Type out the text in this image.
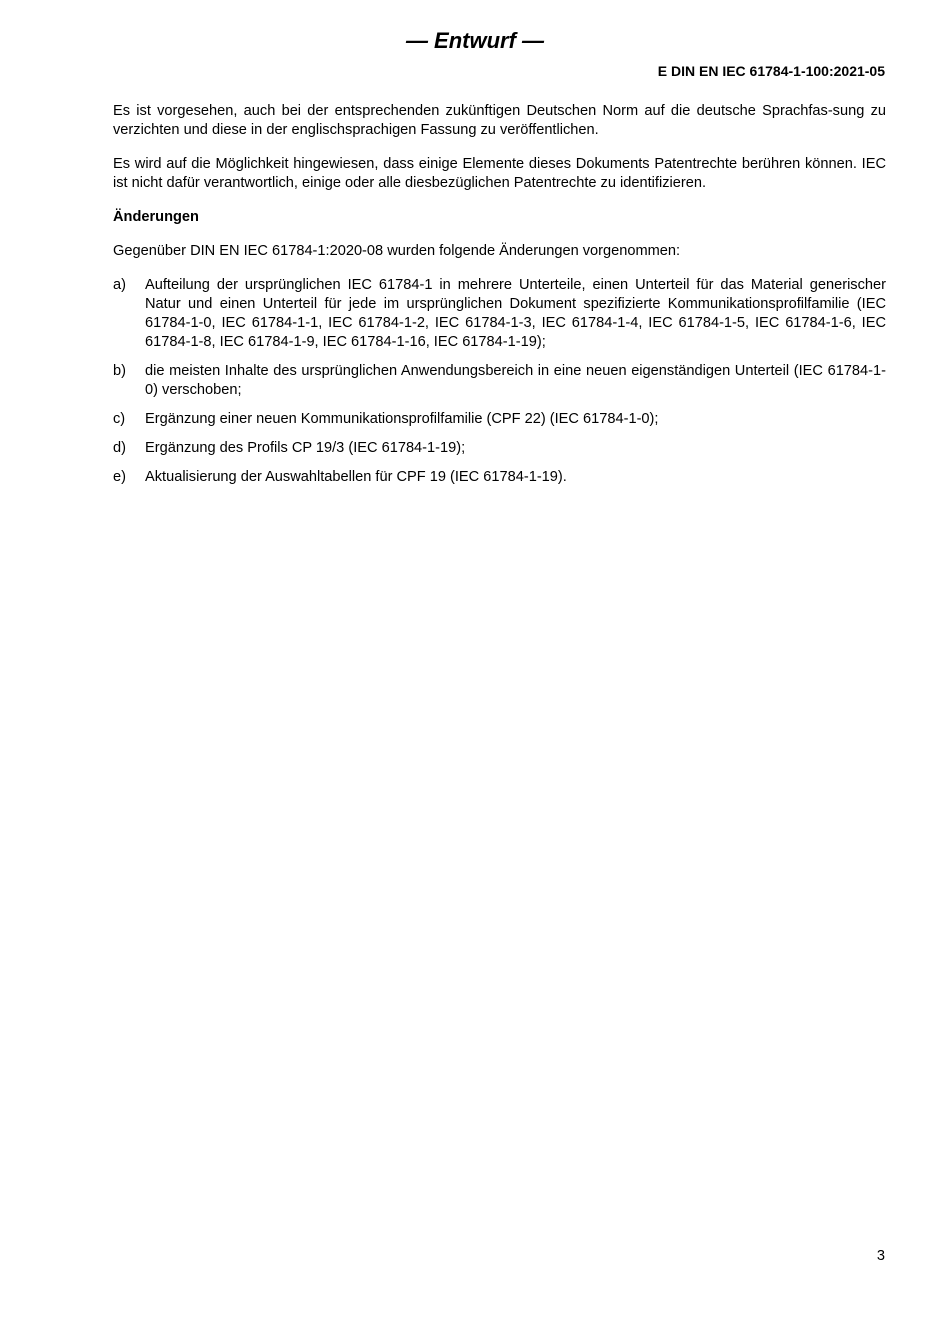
— Entwurf —
E DIN EN IEC 61784-1-100:2021-05

Es ist vorgesehen, auch bei der entsprechenden zukünftigen Deutschen Norm auf die deutsche Sprachfas-sung zu verzichten und diese in der englischsprachigen Fassung zu veröffentlichen.

Es wird auf die Möglichkeit hingewiesen, dass einige Elemente dieses Dokuments Patentrechte berühren können. IEC ist nicht dafür verantwortlich, einige oder alle diesbezüglichen Patentrechte zu identifizieren.

Änderungen

Gegenüber DIN EN IEC 61784-1:2020-08 wurden folgende Änderungen vorgenommen:

a)	Aufteilung der ursprünglichen IEC 61784-1 in mehrere Unterteile, einen Unterteil für das Material generischer Natur und einen Unterteil für jede im ursprünglichen Dokument spezifizierte Kommunikationsprofilfamilie (IEC 61784-1-0, IEC 61784-1-1, IEC 61784-1-2, IEC 61784-1-3, IEC 61784-1-4, IEC 61784-1-5, IEC 61784-1-6, IEC 61784-1-8, IEC 61784-1-9, IEC 61784-1-16, IEC 61784-1-19);
b)	die meisten Inhalte des ursprünglichen Anwendungsbereich in eine neuen eigenständigen Unterteil (IEC 61784-1-0) verschoben;
c)	Ergänzung einer neuen Kommunikationsprofilfamilie (CPF 22) (IEC 61784-1-0);
d)	Ergänzung des Profils CP 19/3 (IEC 61784-1-19);
e)	Aktualisierung der Auswahltabellen für CPF 19 (IEC 61784-1-19).
3
